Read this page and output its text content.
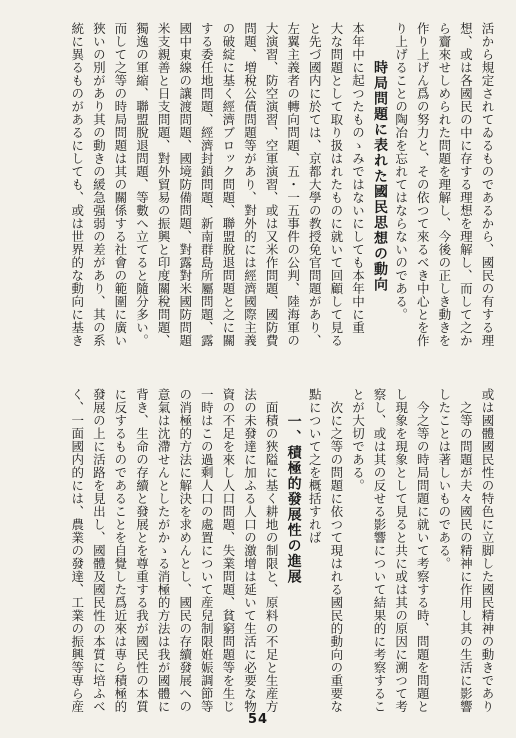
活から規定されてゐるものであるから、國民の有する理
想、或は各國民の中に存する理想を理解し、而して之か
ら齎來せしめられた問題を理解し、今後の正しき動きを
作り上げん爲の努力と、その依つて來るべき中心とを作
り上げることの陶冶を忘れてはならないのである。
時局問題に表れた國民思想の動向
本年中に起つたものゝみではないにしても本年中に重
大な問題として取り扱はれたものに就いて回顧して見る
と先づ國内に於ては、京都大學の教授免官問題があり、
左翼主義者の轉向問題、五・一五事件の公判、陸海軍の
大演習、防空演習、空軍演習、或は又米作問題、國防費
問題、増稅公債問題等があり、對外的には經濟國際主義
の破綻に基く經濟ブロック問題、聯盟脫退問題と之に關
する委任地問題、經濟封鎖問題、新南群島所屬問題、露
國中東線の讓渡問題、國境防備問題、對露對米國防問題
米支親善と日支問題、對外貿易の振興と印度關稅問題、
獨逸の軍縮、聯盟脫退問題、等數へ立てると隨分多い。
而して之等の時局問題は其の關係する社會の範圍に廣い
狹いの別があり其の動きの緩急强弱の差があり、其の系
統に異るものがあるにしても、或は世界的な動向に基き
或は國體國民性の特色に立脚した國民精神の動きであり
之等の問題が夫々國民の精神に作用し其の生活に影響
したことは著しいものである。
今之等の時局問題に就いて考察する時、問題を問題と
し現象を現象として見ると共に或は其の原因に溯つて考
察し、或は其の反せる影響について結果的に考察するこ
とが大切である。
次に之等の問題に依つて現はれる國民的動向の重要な
點について之を概括すれば
一、積極的發展性の進展
面積の狹隘に基く耕地の制限と、原料の不足と生産方
法の未發達に加ふる人口の激增は延いて生活に必要な物
資の不足を來し人口問題、失業問題、貧窮問題等を生じ
一時はこの過剩人口の處置について産兒制限姙娠調節等
の消極的方法に解決を求めんとし、國民の存續發展への
意氣は沈滯せんとしたがかゝる消極的方法は我が國體に
背き、生命の存續と發展とを尊重する我が國民性の本質
に反するものであることを自覺した爲近來は専ら積極的
發展の上に活路を見出し、國體及國民性の本質に培ふべ
く、一面國内的には、農業の發達、工業の振興等専ら産
54
